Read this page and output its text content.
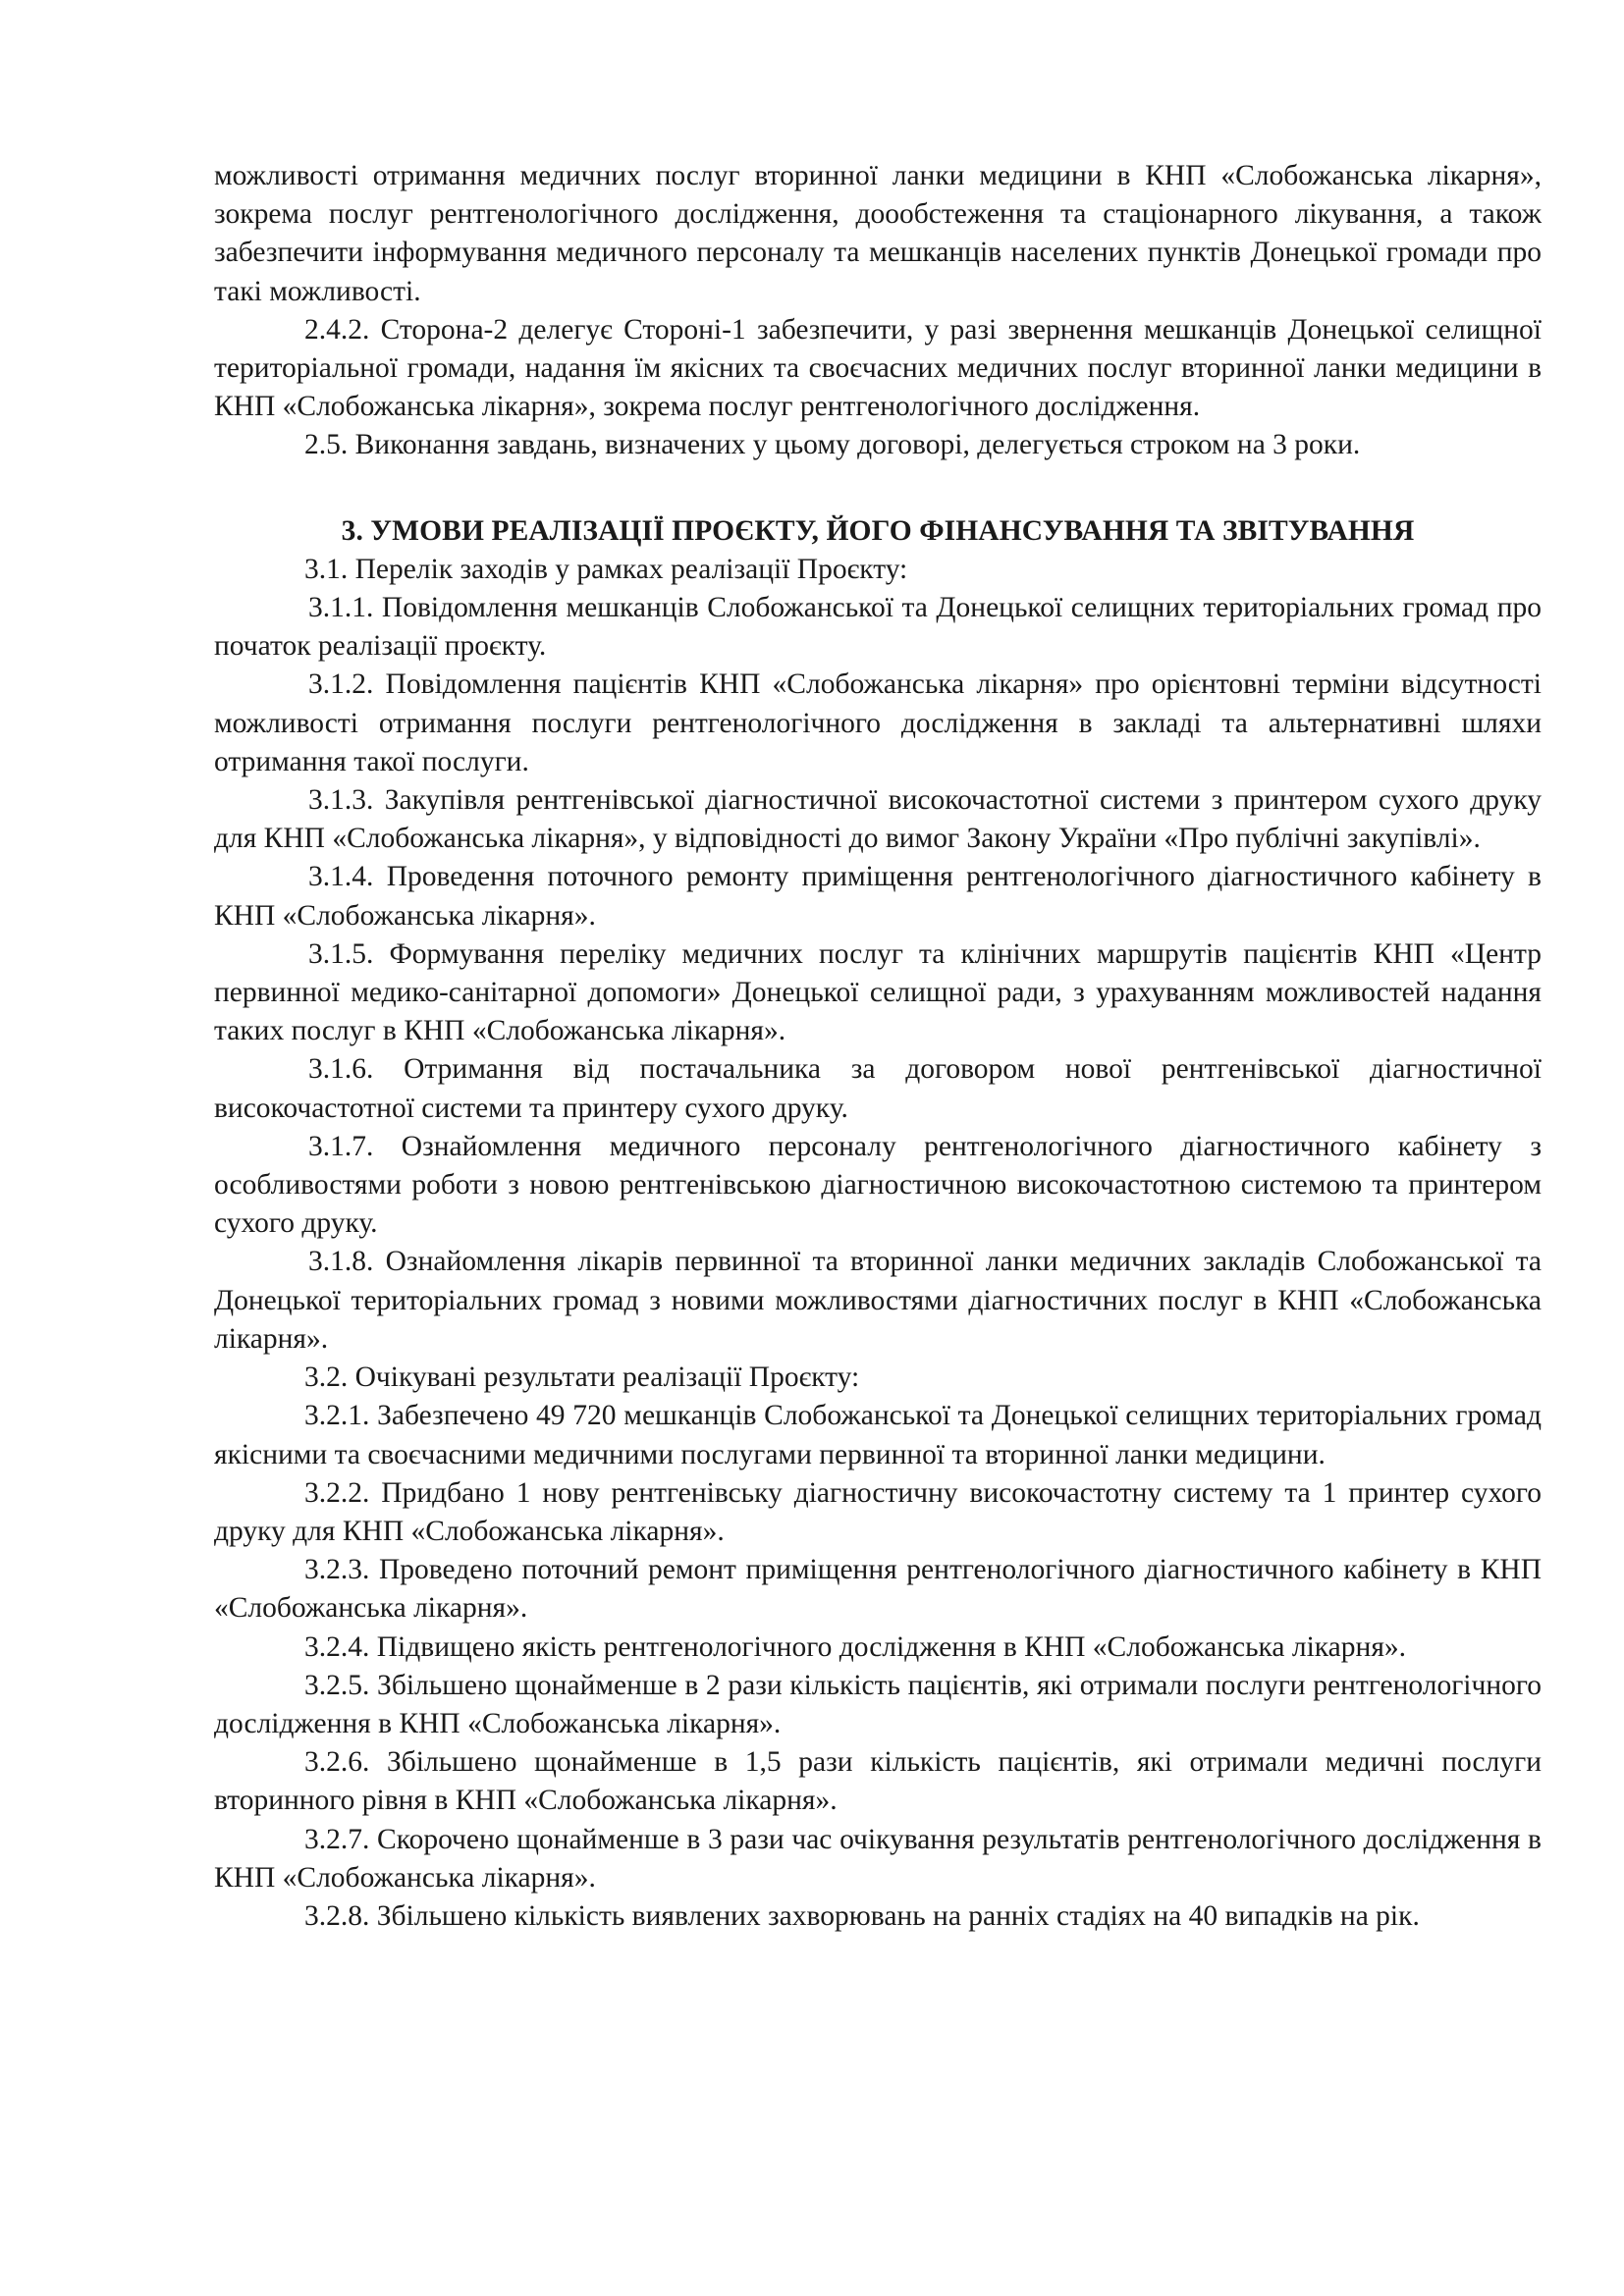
можливості отримання медичних послуг вторинної ланки медицини в КНП «Слобожанська лікарня», зокрема послуг рентгенологічного дослідження, доообстеження та стаціонарного лікування, а також забезпечити інформування медичного персоналу та мешканців населених пунктів Донецької громади про такі можливості.

2.4.2. Сторона-2 делегує Стороні-1 забезпечити, у разі звернення мешканців Донецької селищної територіальної громади, надання їм якісних та своєчасних медичних послуг вторинної ланки медицини в КНП «Слобожанська лікарня», зокрема послуг рентгенологічного дослідження.

2.5. Виконання завдань, визначених у цьому договорі, делегується строком на 3 роки.

3. УМОВИ РЕАЛІЗАЦІЇ ПРОЄКТУ, ЙОГО ФІНАНСУВАННЯ ТА ЗВІТУВАННЯ

3.1. Перелік заходів у рамках реалізації Проєкту:

3.1.1. Повідомлення мешканців Слобожанської та Донецької селищних територіальних громад про початок реалізації проєкту.

3.1.2. Повідомлення пацієнтів КНП «Слобожанська лікарня» про орієнтовні терміни відсутності можливості отримання послуги рентгенологічного дослідження в закладі та альтернативні шляхи отримання такої послуги.

3.1.3. Закупівля рентгенівської діагностичної високочастотної системи з принтером сухого друку для КНП «Слобожанська лікарня», у відповідності до вимог Закону України «Про публічні закупівлі».

3.1.4. Проведення поточного ремонту приміщення рентгенологічного діагностичного кабінету в КНП «Слобожанська лікарня».

3.1.5. Формування переліку медичних послуг та клінічних маршрутів пацієнтів КНП «Центр первинної медико-санітарної допомоги» Донецької селищної ради, з урахуванням можливостей надання таких послуг в КНП «Слобожанська лікарня».

3.1.6. Отримання від постачальника за договором нової рентгенівської діагностичної високочастотної системи та принтеру сухого друку.

3.1.7. Ознайомлення медичного персоналу рентгенологічного діагностичного кабінету з особливостями роботи з новою рентгенівською діагностичною високочастотною системою та принтером сухого друку.

3.1.8. Ознайомлення лікарів первинної та вторинної ланки медичних закладів Слобожанської та Донецької територіальних громад з новими можливостями діагностичних послуг в КНП «Слобожанська лікарня».

3.2. Очікувані результати реалізації Проєкту:

3.2.1. Забезпечено 49 720 мешканців Слобожанської та Донецької селищних територіальних громад якісними та своєчасними медичними послугами первинної та вторинної ланки медицини.

3.2.2. Придбано 1 нову рентгенівську діагностичну високочастотну систему та 1 принтер сухого друку для КНП «Слобожанська лікарня».

3.2.3. Проведено поточний ремонт приміщення рентгенологічного діагностичного кабінету в КНП «Слобожанська лікарня».

3.2.4. Підвищено якість рентгенологічного дослідження в КНП «Слобожанська лікарня».

3.2.5. Збільшено щонайменше в 2 рази кількість пацієнтів, які отримали послуги рентгенологічного дослідження в КНП «Слобожанська лікарня».

3.2.6. Збільшено щонайменше в 1,5 рази кількість пацієнтів, які отримали медичні послуги вторинного рівня в КНП «Слобожанська лікарня».

3.2.7. Скорочено щонайменше в 3 рази час очікування результатів рентгенологічного дослідження в КНП «Слобожанська лікарня».

3.2.8. Збільшено кількість виявлених захворювань на ранніх стадіях на 40 випадків на рік.
